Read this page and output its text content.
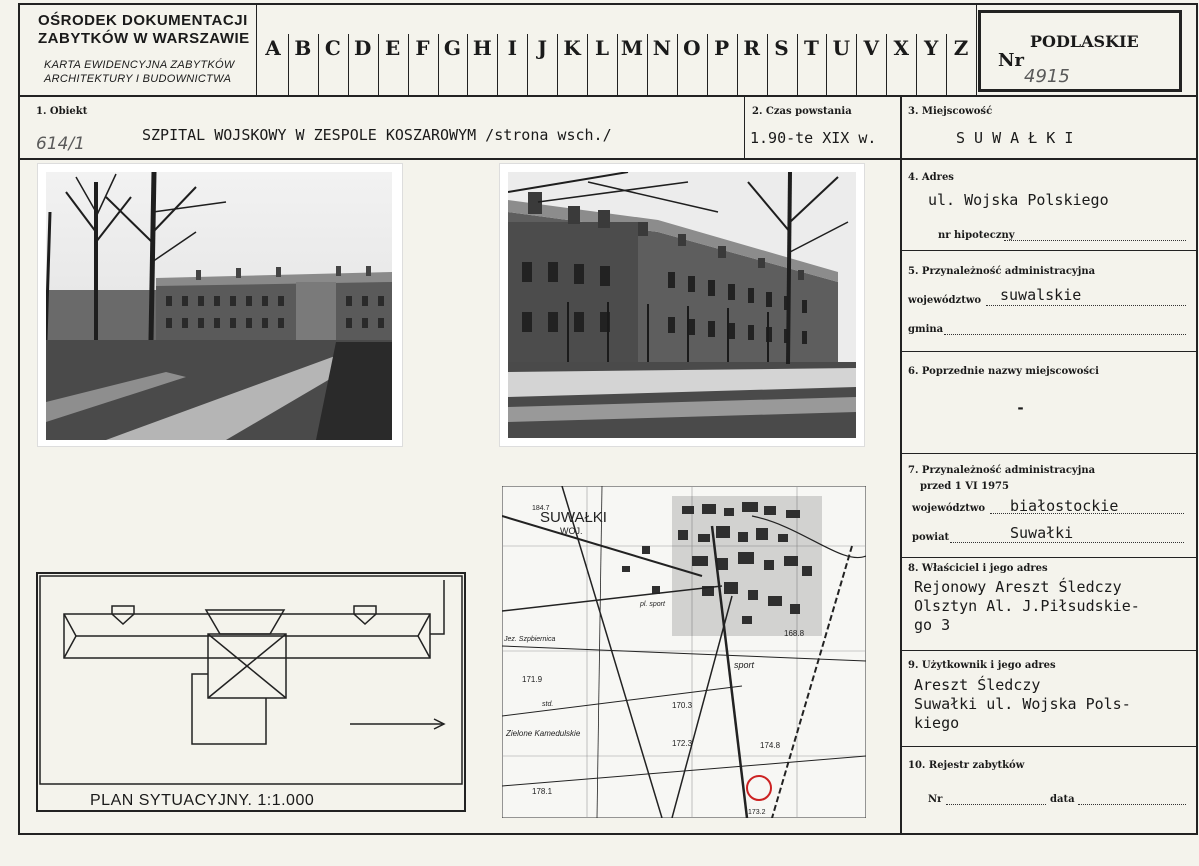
OŚRODEK DOKUMENTACJI
ZABYTKÓW W WARSZAWIE
KARTA EWIDENCYJNA ZABYTKÓW
ARCHITEKTURY I BUDOWNICTWA
A B C D E F G H I	J K L M N O P R S T U V X Y Z	PODLASKIE
Nr
4915
1. Obiekt
614/1	SZPITAL WOJSKOWY W ZESPOLE KOSZAROWYM /strona wsch./
2. Czas powstania
1.90-te XIX w.
3. Miejscowość
S U W A Ł K I
4. Adres
ul. Wojska Polskiego
nr hipoteczny
5. Przynależność administracyjna
województwo suwalskie
gmina
6. Poprzednie nazwy miejscowości
-
7. Przynależność administracyjna
przed 1 VI 1975
województwo białostockie
powiat	Suwałki
8. Właściciel i jego adres
Rejonowy Areszt Śledczy
Olsztyn Al. J.Piłsudskie-
go 3
9. Użytkownik i jego adres
Areszt Śledczy
Suwałki ul. Wojska Pols-
kiego
10. Rejestr zabytków
Nr	data
SUWAŁKI
WOJ.
sport
Zielone Kamedulskie
Jez. Szpbiernica
168.8
171.9
170.3
172.3	174.8
178.1
173.2
184.7
std.
pl. sport
PLAN SYTUACYJNY. 1:1.000
